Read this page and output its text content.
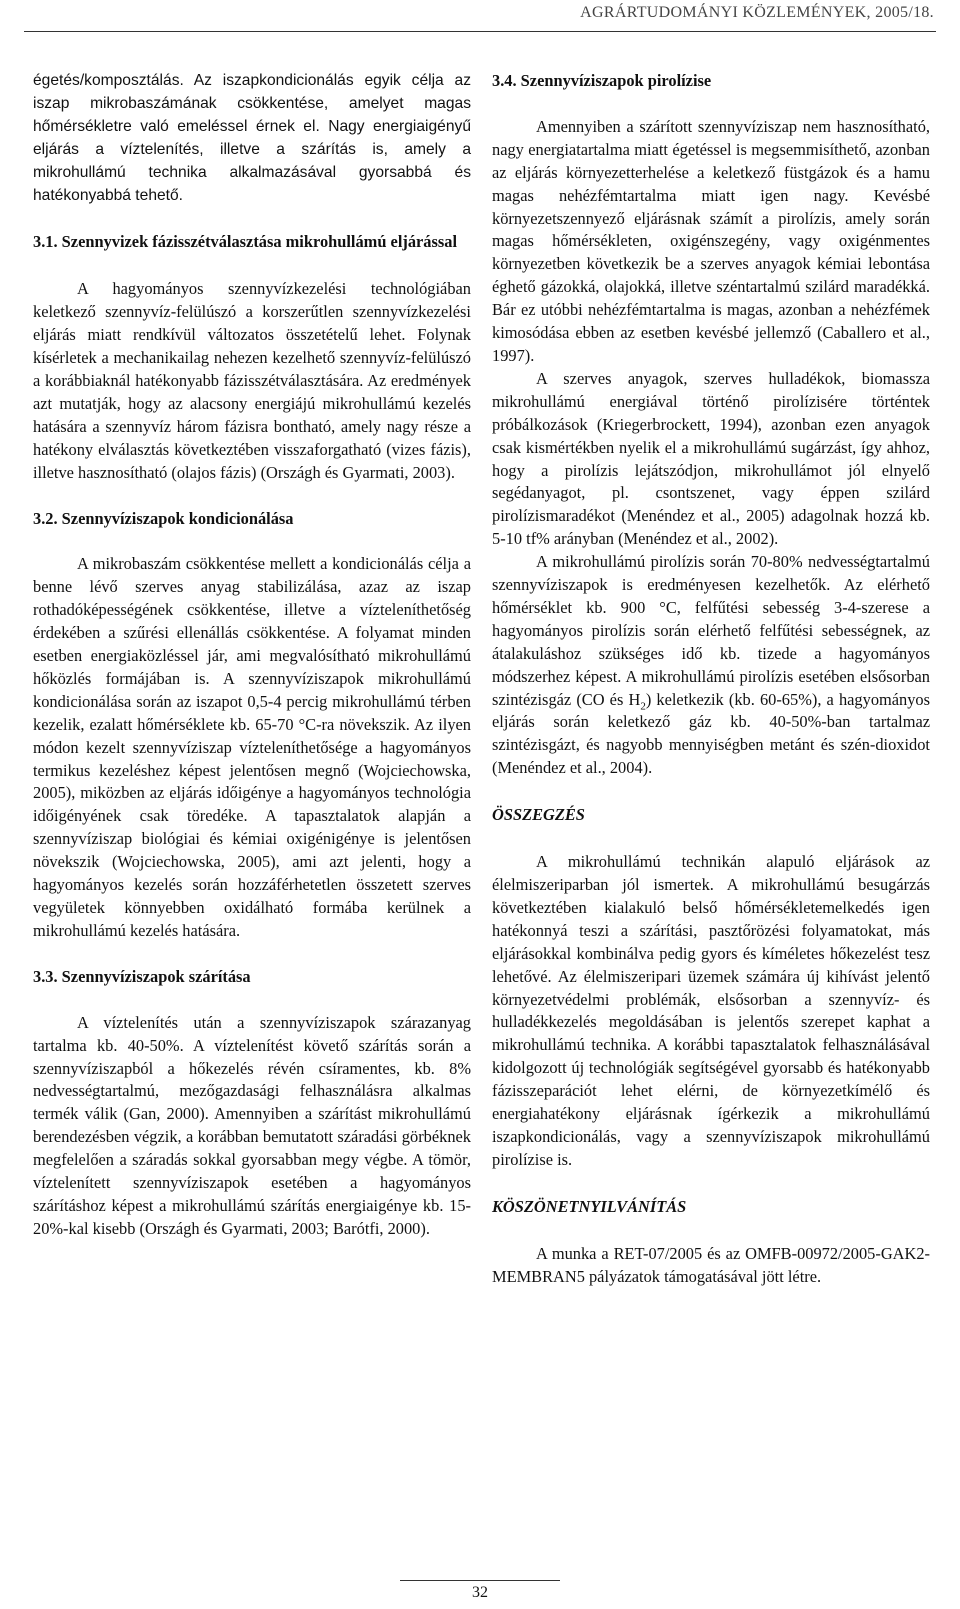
AGRÁRTUDOMÁNYI KÖZLEMÉNYEK, 2005/18.

égetés/komposztálás. Az iszapkondicionálás egyik célja az iszap mikrobaszámának csökkentése, amelyet magas hőmérsékletre való emeléssel érnek el. Nagy energiaigényű eljárás a víztelenítés, illetve a szárítás is, amely a mikrohullámú technika alkalmazásával gyorsabbá és hatékonyabbá tehető.

3.1. Szennyvizek fázisszétválasztása mikrohullámú eljárással

A hagyományos szennyvízkezelési technológiában keletkező szennyvíz-felülúszó a korszerűtlen szennyvízkezelési eljárás miatt rendkívül változatos összetételű lehet. Folynak kísérletek a mechanikailag nehezen kezelhető szennyvíz-felülúszó a korábbiaknál hatékonyabb fázisszétválasztására. Az eredmények azt mutatják, hogy az alacsony energiájú mikrohullámú kezelés hatására a szennyvíz három fázisra bontható, amely nagy része a hatékony elválasztás következtében visszaforgatható (vizes fázis), illetve hasznosítható (olajos fázis) (Országh és Gyarmati, 2003).

3.2. Szennyvíziszapok kondicionálása

A mikrobaszám csökkentése mellett a kondicionálás célja a benne lévő szerves anyag stabilizálása, azaz az iszap rothadóképességének csökkentése, illetve a vízteleníthetőség érdekében a szűrési ellenállás csökkentése. A folyamat minden esetben energiaközléssel jár, ami megvalósítható mikrohullámú hőközlés formájában is. A szennyvíziszapok mikrohullámú kondicionálása során az iszapot 0,5-4 percig mikrohullámú térben kezelik, ezalatt hőmérséklete kb. 65-70 °C-ra növekszik. Az ilyen módon kezelt szennyvíziszap vízteleníthetősége a hagyományos termikus kezeléshez képest jelentősen megnő (Wojciechowska, 2005), miközben az eljárás időigénye a hagyományos technológia időigényének csak töredéke. A tapasztalatok alapján a szennyvíziszap biológiai és kémiai oxigénigénye is jelentősen növekszik (Wojciechowska, 2005), ami azt jelenti, hogy a hagyományos kezelés során hozzáférhetetlen összetett szerves vegyületek könnyebben oxidálható formába kerülnek a mikrohullámú kezelés hatására.

3.3. Szennyvíziszapok szárítása

A víztelenítés után a szennyvíziszapok szárazanyag tartalma kb. 40-50%. A víztelenítést követő szárítás során a szennyvíziszapból a hőkezelés révén csíramentes, kb. 8% nedvességtartalmú, mezőgazdasági felhasználásra alkalmas termék válik (Gan, 2000). Amennyiben a szárítást mikrohullámú berendezésben végzik, a korábban bemutatott száradási görbéknek megfelelően a száradás sokkal gyorsabban megy végbe. A tömör, víztelenített szennyvíziszapok esetében a hagyományos szárításhoz képest a mikrohullámú szárítás energiaigénye kb. 15-20%-kal kisebb (Országh és Gyarmati, 2003; Barótfi, 2000).

3.4. Szennyvíziszapok pirolízise

Amennyiben a szárított szennyvíziszap nem hasznosítható, nagy energiatartalma miatt égetéssel is megsemmisíthető, azonban az eljárás környezetterhelése a keletkező füstgázok és a hamu magas nehézfémtartalma miatt igen nagy. Kevésbé környezetszennyező eljárásnak számít a pirolízis, amely során magas hőmérsékleten, oxigénszegény, vagy oxigénmentes környezetben következik be a szerves anyagok kémiai lebontása éghető gázokká, olajokká, illetve széntartalmú szilárd maradékká. Bár ez utóbbi nehézfémtartalma is magas, azonban a nehézfémek kimosódása ebben az esetben kevésbé jellemző (Caballero et al., 1997).

A szerves anyagok, szerves hulladékok, biomassza mikrohullámú energiával történő pirolízisére történtek próbálkozások (Kriegerbrockett, 1994), azonban ezen anyagok csak kismértékben nyelik el a mikrohullámú sugárzást, így ahhoz, hogy a pirolízis lejátszódjon, mikrohullámot jól elnyelő segédanyagot, pl. csontszenet, vagy éppen szilárd pirolízismaradékot (Menéndez et al., 2005) adagolnak hozzá kb. 5-10 tf% arányban (Menéndez et al., 2002).

A mikrohullámú pirolízis során 70-80% nedvességtartalmú szennyvíziszapok is eredményesen kezelhetők. Az elérhető hőmérséklet kb. 900 °C, felfűtési sebesség 3-4-szerese a hagyományos pirolízis során elérhető felfűtési sebességnek, az átalakuláshoz szükséges idő kb. tizede a hagyományos módszerhez képest. A mikrohullámú pirolízis esetében elsősorban szintézisgáz (CO és $H_2$) keletkezik (kb. 60-65%), a hagyományos eljárás során keletkező gáz kb. 40-50%-ban tartalmaz szintézisgázt, és nagyobb mennyiségben metánt és szén-dioxidot (Menéndez et al., 2004).

ÖSSZEGZÉS

A mikrohullámú technikán alapuló eljárások az élelmiszeriparban jól ismertek. A mikrohullámú besugárzás következtében kialakuló belső hőmérsékletemelkedés igen hatékonnyá teszi a szárítási, pasztőrözési folyamatokat, más eljárásokkal kombinálva pedig gyors és kíméletes hőkezelést tesz lehetővé. Az élelmiszeripari üzemek számára új kihívást jelentő környezetvédelmi problémák, elsősorban a szennyvíz- és hulladékkezelés megoldásában is jelentős szerepet kaphat a mikrohullámú technika. A korábbi tapasztalatok felhasználásával kidolgozott új technológiák segítségével gyorsabb és hatékonyabb fázisszeparációt lehet elérni, de környezetkímélő és energiahatékony eljárásnak ígérkezik a mikrohullámú iszapkondicionálás, vagy a szennyvíziszapok mikrohullámú pirolízise is.

KÖSZÖNETNYILVÁNÍTÁS

A munka a RET-07/2005 és az OMFB-00972/2005-GAK2-MEMBRAN5 pályázatok támogatásával jött létre.

32
